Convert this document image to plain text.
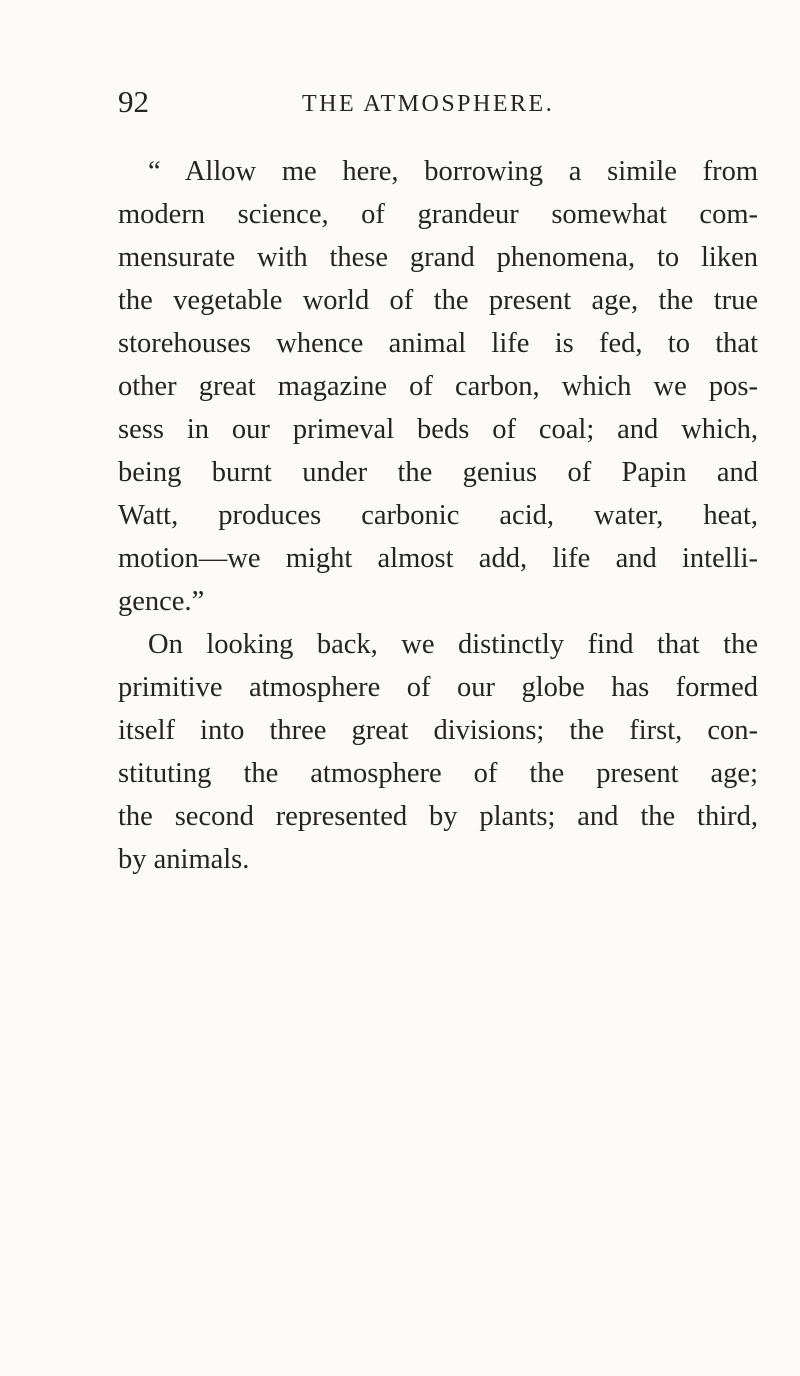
92	THE ATMOSPHERE.
“ Allow me here, borrowing a simile from
modern science, of grandeur somewhat com-
mensurate with these grand phenomena, to liken
the vegetable world of the present age, the true
storehouses whence animal life is fed, to that
other great magazine of carbon, which we pos-
sess in our primeval beds of coal; and which,
being burnt under the genius of Papin and
Watt, produces carbonic acid, water, heat,
motion—we might almost add, life and intelli-
gence.”
On looking back, we distinctly find that the
primitive atmosphere of our globe has formed
itself into three great divisions; the first, con-
stituting the atmosphere of the present age;
the second represented by plants; and the third,
by animals.
